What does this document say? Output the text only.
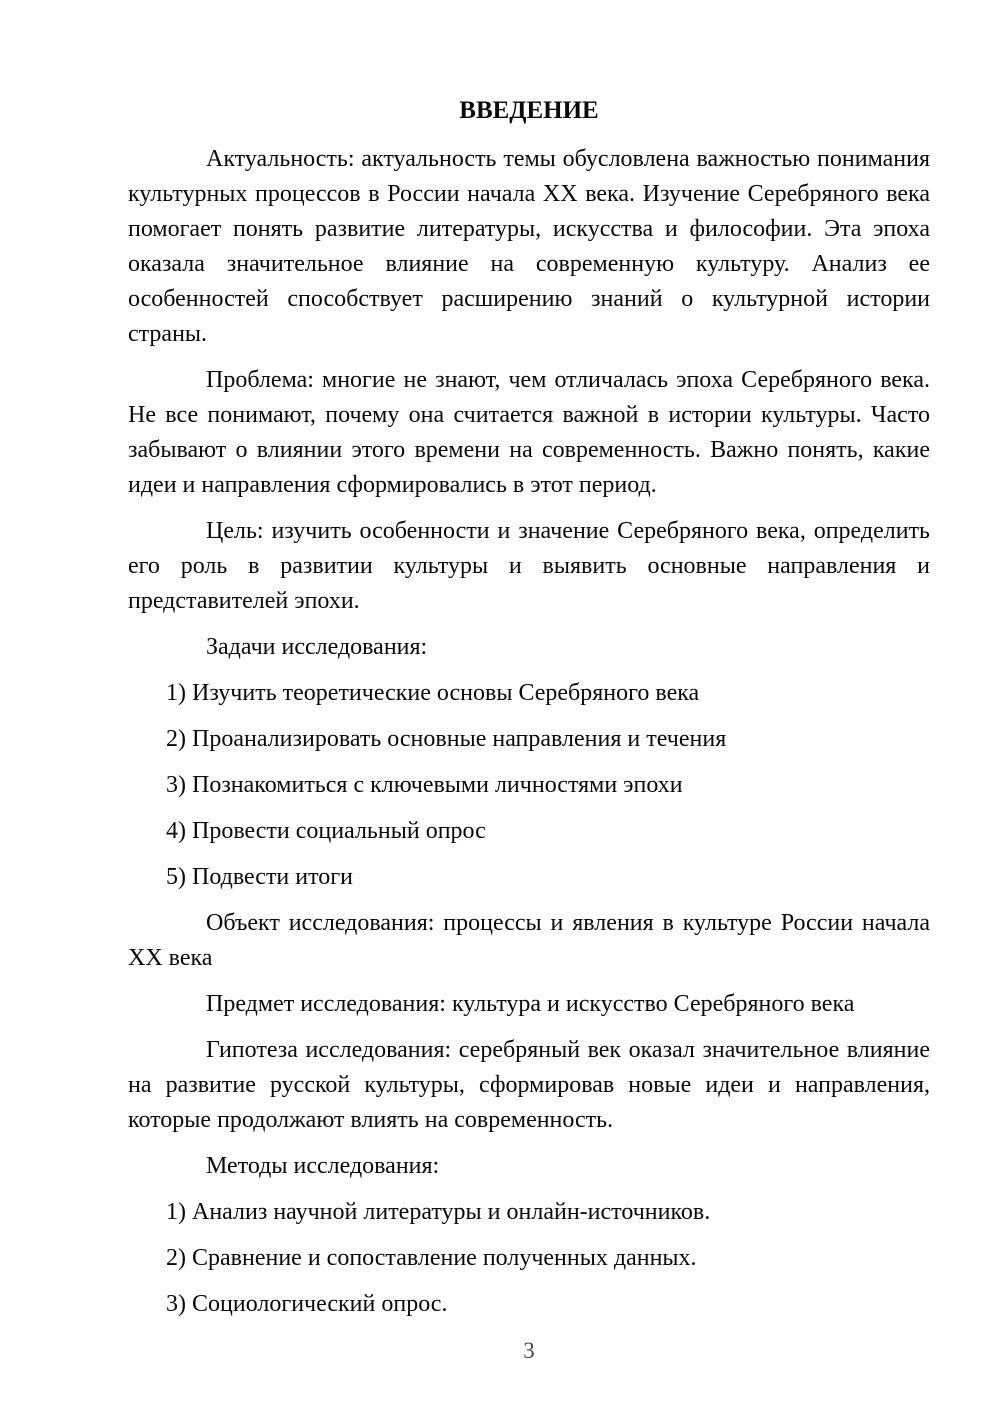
ВВЕДЕНИЕ

Актуальность: актуальность темы обусловлена важностью понимания культурных процессов в России начала XX века. Изучение Серебряного века помогает понять развитие литературы, искусства и философии. Эта эпоха оказала значительное влияние на современную культуру. Анализ ее особенностей способствует расширению знаний о культурной истории страны.

Проблема: многие не знают, чем отличалась эпоха Серебряного века. Не все понимают, почему она считается важной в истории культуры. Часто забывают о влиянии этого времени на современность. Важно понять, какие идеи и направления сформировались в этот период.

Цель: изучить особенности и значение Серебряного века, определить его роль в развитии культуры и выявить основные направления и представителей эпохи.

Задачи исследования:

1) Изучить теоретические основы Серебряного века

2) Проанализировать основные направления и течения

3) Познакомиться с ключевыми личностями эпохи

4) Провести социальный опрос

5) Подвести итоги

Объект исследования: процессы и явления в культуре России начала XX века

Предмет исследования: культура и искусство Серебряного века

Гипотеза исследования: серебряный век оказал значительное влияние на развитие русской культуры, сформировав новые идеи и направления, которые продолжают влиять на современность.

Методы исследования:

1) Анализ научной литературы и онлайн-источников.

2) Сравнение и сопоставление полученных данных.

3) Социологический опрос.

3
